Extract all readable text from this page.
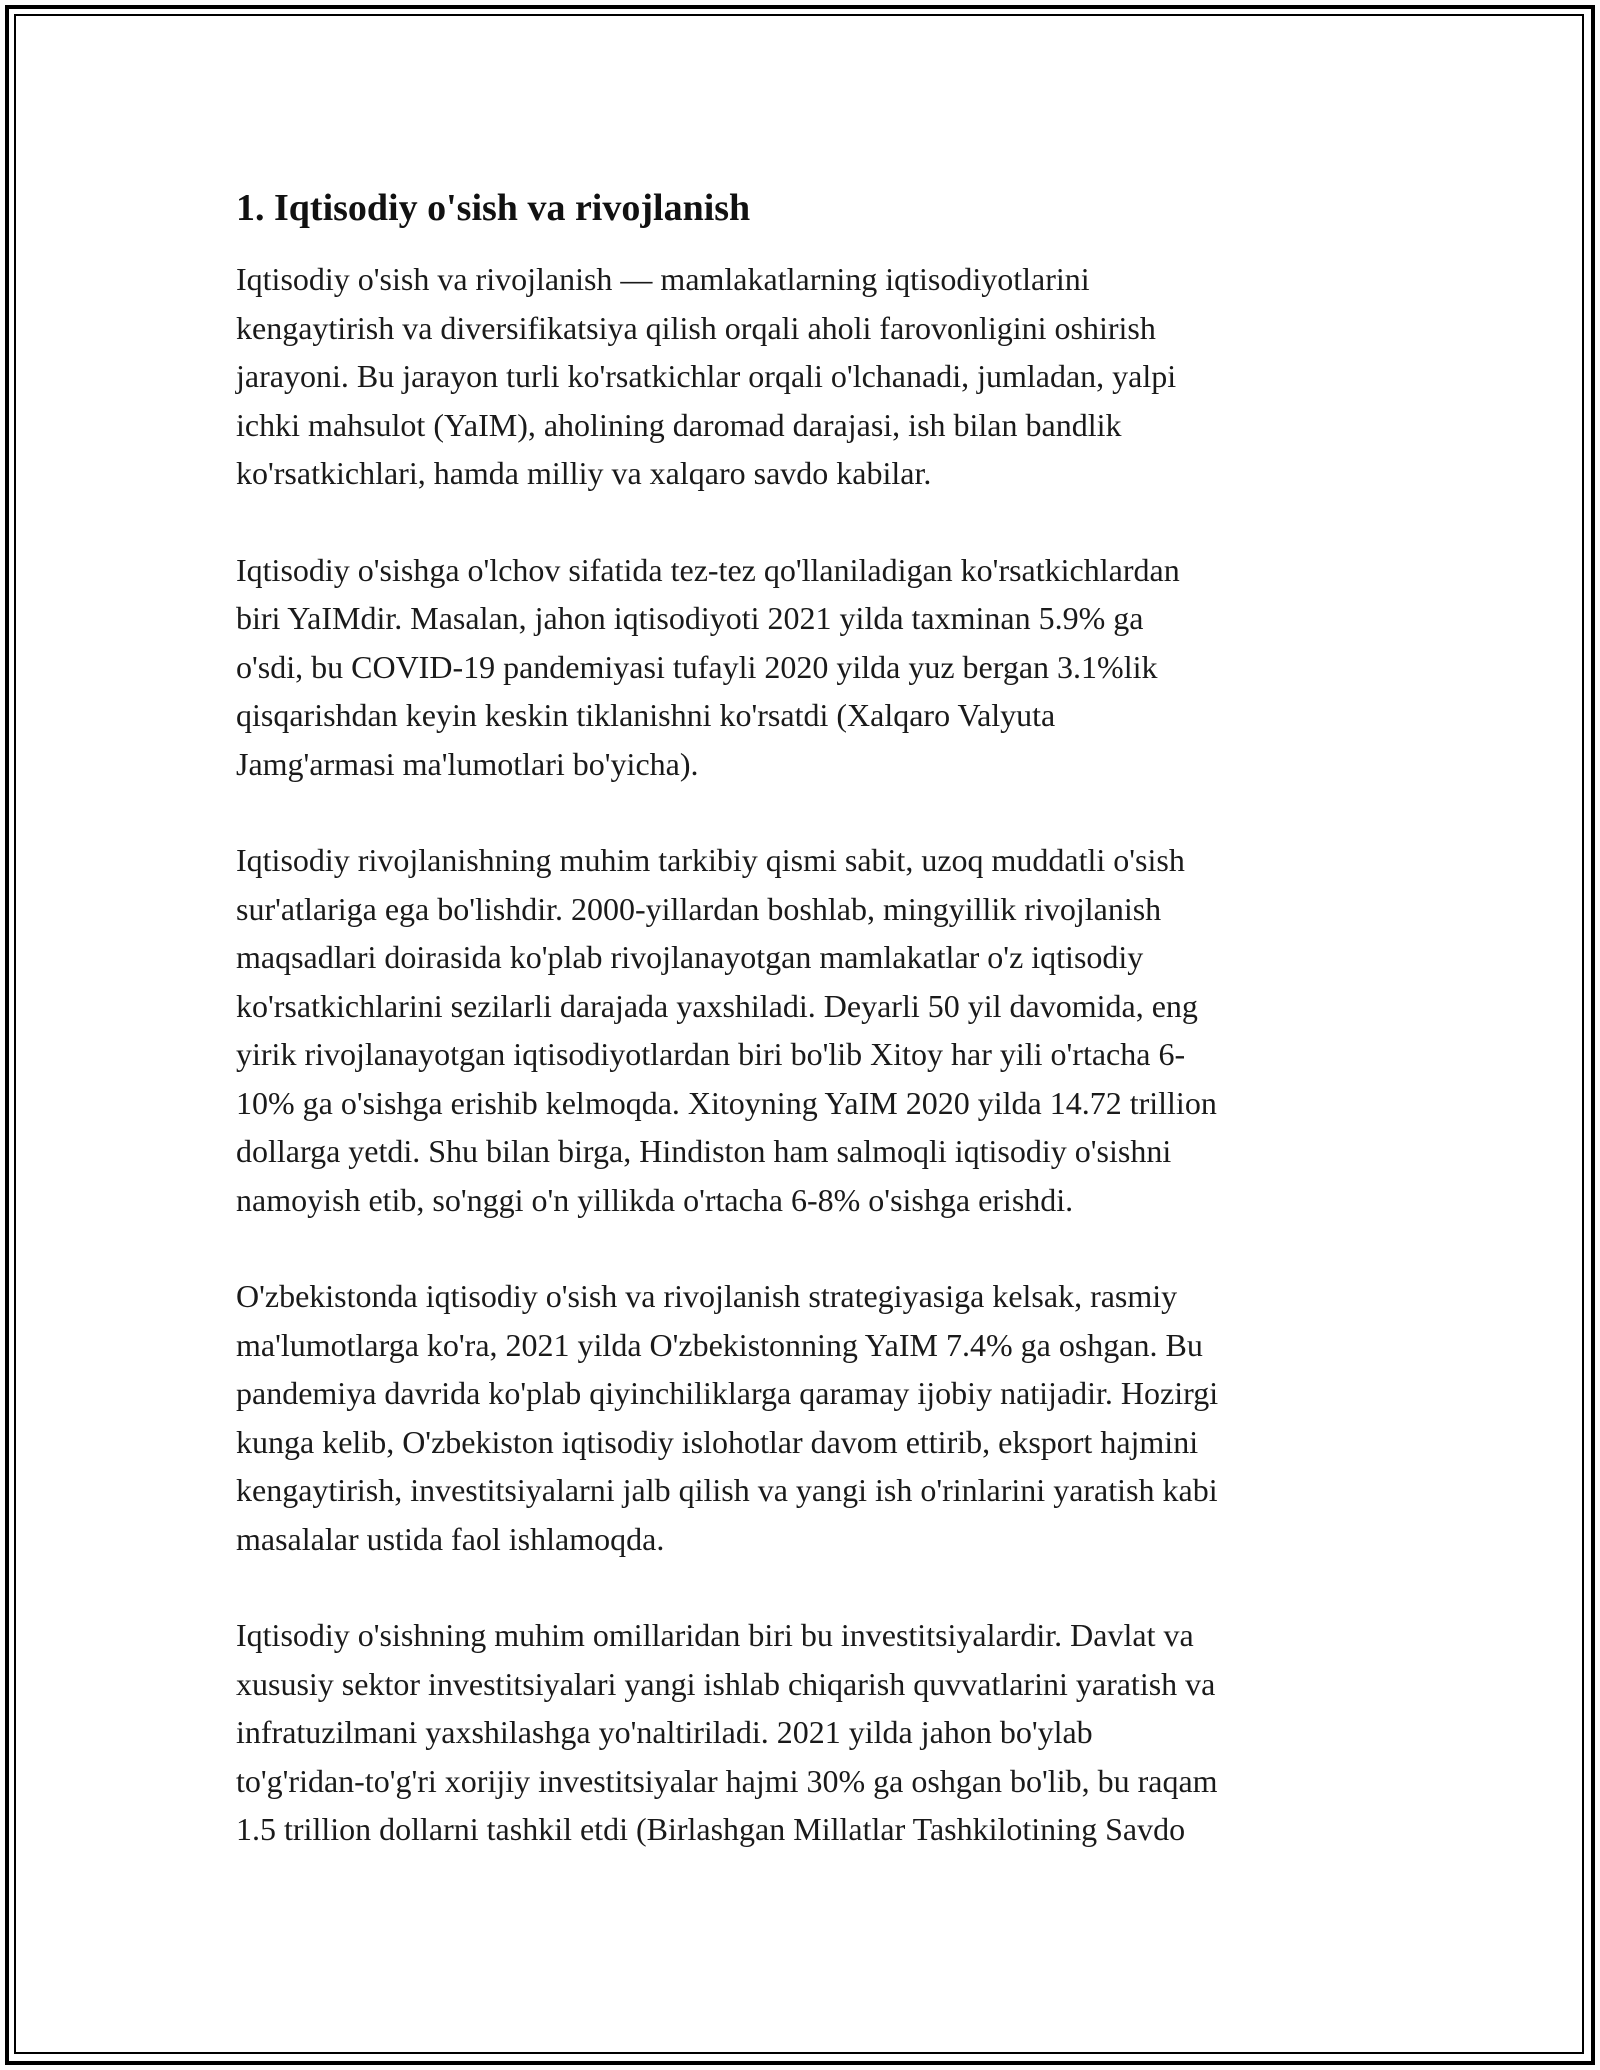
1. Iqtisodiy o'sish va rivojlanish

Iqtisodiy o'sish va rivojlanish — mamlakatlarning iqtisodiyotlarini
kengaytirish va diversifikatsiya qilish orqali aholi farovonligini oshirish
jarayoni. Bu jarayon turli ko'rsatkichlar orqali o'lchanadi, jumladan, yalpi
ichki mahsulot (YaIM), aholining daromad darajasi, ish bilan bandlik
ko'rsatkichlari, hamda milliy va xalqaro savdo kabilar.

Iqtisodiy o'sishga o'lchov sifatida tez-tez qo'llaniladigan ko'rsatkichlardan
biri YaIMdir. Masalan, jahon iqtisodiyoti 2021 yilda taxminan 5.9% ga
o'sdi, bu COVID-19 pandemiyasi tufayli 2020 yilda yuz bergan 3.1%lik
qisqarishdan keyin keskin tiklanishni ko'rsatdi (Xalqaro Valyuta
Jamg'armasi ma'lumotlari bo'yicha).

Iqtisodiy rivojlanishning muhim tarkibiy qismi sabit, uzoq muddatli o'sish
sur'atlariga ega bo'lishdir. 2000-yillardan boshlab, mingyillik rivojlanish
maqsadlari doirasida ko'plab rivojlanayotgan mamlakatlar o'z iqtisodiy
ko'rsatkichlarini sezilarli darajada yaxshiladi. Deyarli 50 yil davomida, eng
yirik rivojlanayotgan iqtisodiyotlardan biri bo'lib Xitoy har yili o'rtacha 6-
10% ga o'sishga erishib kelmoqda. Xitoyning YaIM 2020 yilda 14.72 trillion
dollarga yetdi. Shu bilan birga, Hindiston ham salmoqli iqtisodiy o'sishni
namoyish etib, so'nggi o'n yillikda o'rtacha 6-8% o'sishga erishdi.

O'zbekistonda iqtisodiy o'sish va rivojlanish strategiyasiga kelsak, rasmiy
ma'lumotlarga ko'ra, 2021 yilda O'zbekistonning YaIM 7.4% ga oshgan. Bu
pandemiya davrida ko'plab qiyinchiliklarga qaramay ijobiy natijadir. Hozirgi
kunga kelib, O'zbekiston iqtisodiy islohotlar davom ettirib, eksport hajmini
kengaytirish, investitsiyalarni jalb qilish va yangi ish o'rinlarini yaratish kabi
masalalar ustida faol ishlamoqda.

Iqtisodiy o'sishning muhim omillaridan biri bu investitsiyalardir. Davlat va
xususiy sektor investitsiyalari yangi ishlab chiqarish quvvatlarini yaratish va
infratuzilmani yaxshilashga yo'naltiriladi. 2021 yilda jahon bo'ylab
to'g'ridan-to'g'ri xorijiy investitsiyalar hajmi 30% ga oshgan bo'lib, bu raqam
1.5 trillion dollarni tashkil etdi (Birlashgan Millatlar Tashkilotining Savdo
